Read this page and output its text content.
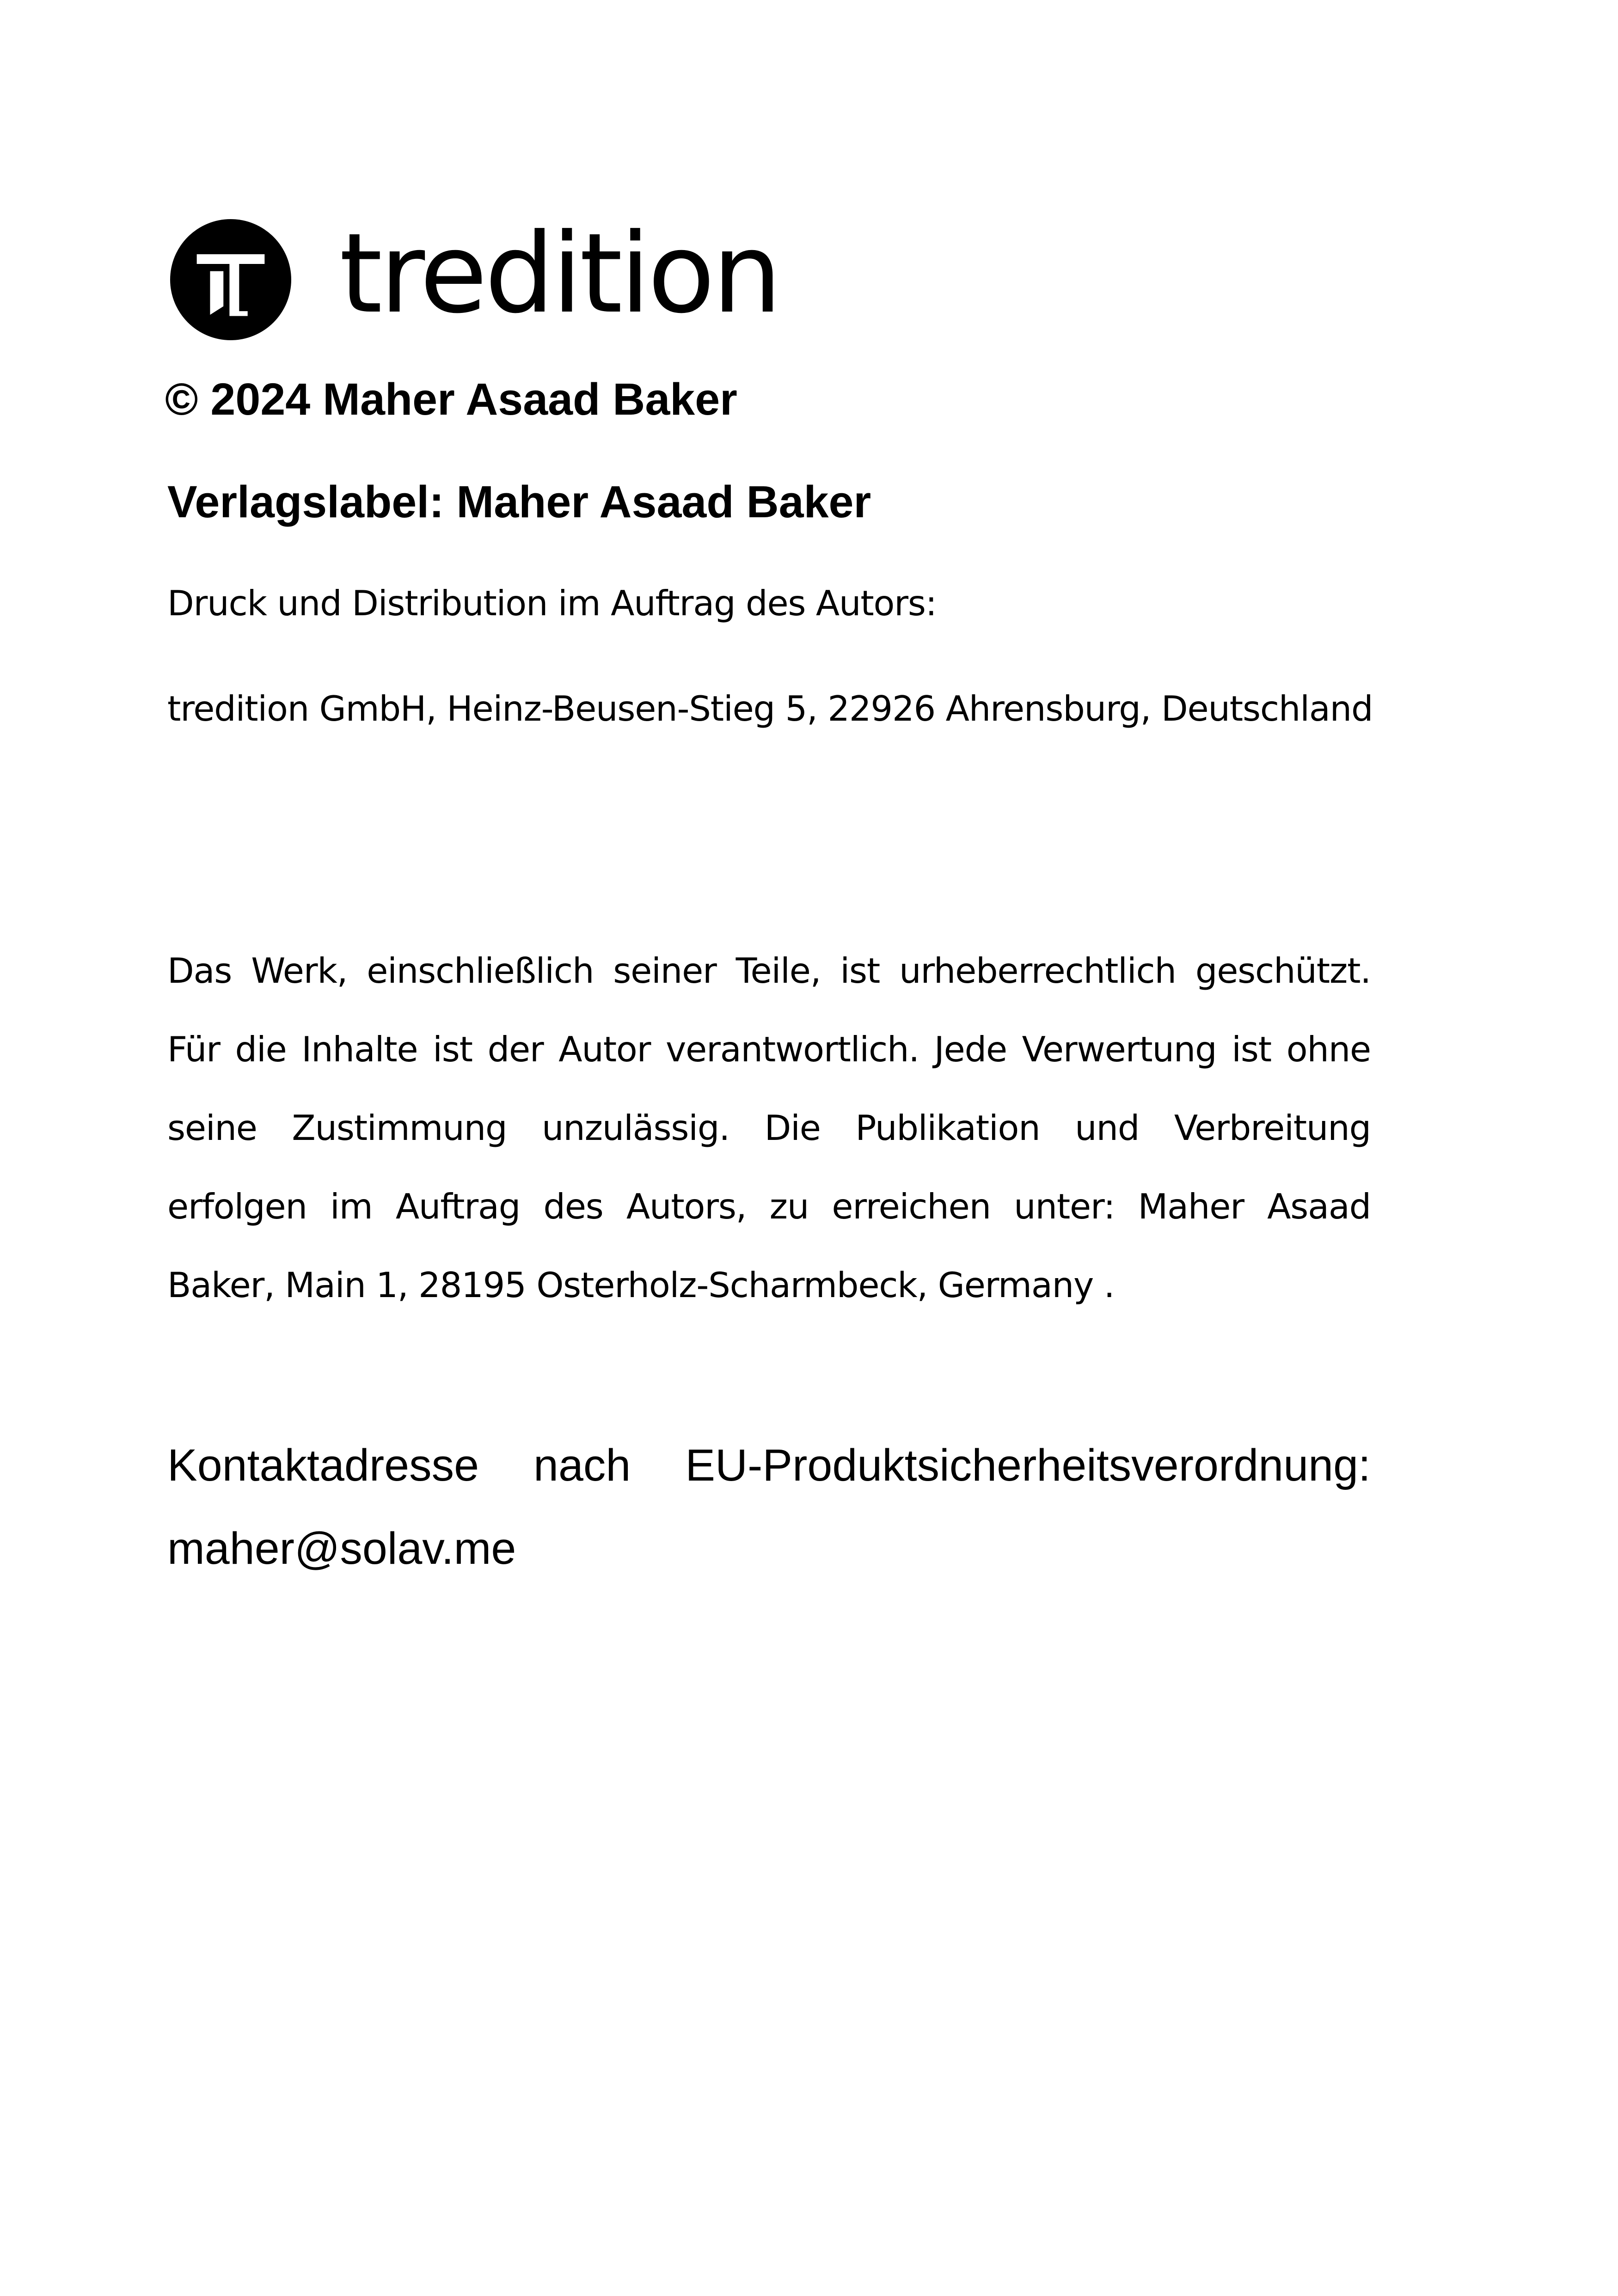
tredition
© 2024 Maher Asaad Baker
Verlagslabel: Maher Asaad Baker
Druck und Distribution im Auftrag des Autors:
tredition GmbH, Heinz-Beusen-Stieg 5, 22926 Ahrensburg, Deutschland
Das Werk, einschließlich seiner Teile, ist urheberrechtlich geschützt. Für die Inhalte ist der Autor verantwortlich. Jede Verwertung ist ohne seine Zustimmung unzulässig. Die Publikation und Verbreitung erfolgen im Auftrag des Autors, zu erreichen unter: Maher Asaad Baker, Main 1, 28195 Osterholz-Scharmbeck, Germany .
Kontaktadresse nach EU-Produktsicherheitsverordnung: maher@solav.me
